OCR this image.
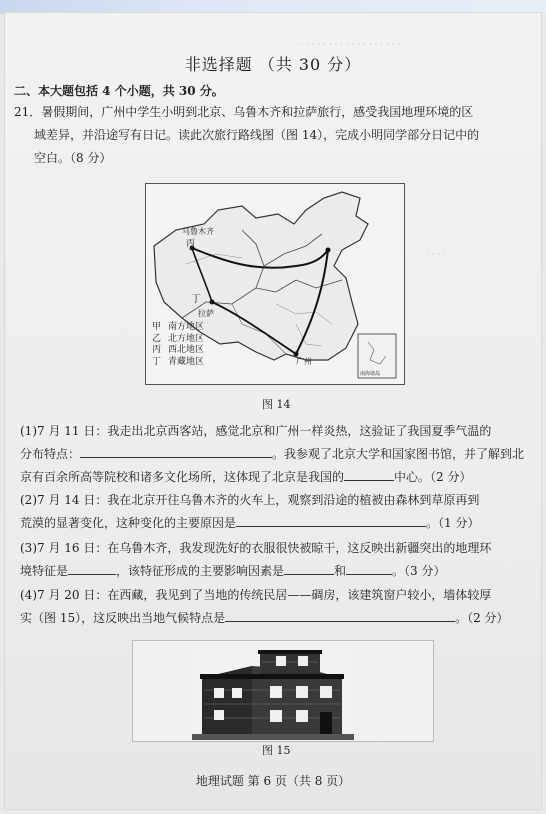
· · · · · · · · · · · · · · · · · ·
· · · · ·
非选择题 （共 30 分）
二、本大题包括 4 个小题，共 30 分。
21．暑假期间，广州中学生小明到北京、乌鲁木齐和拉萨旅行，感受我国地理环境的区
域差异，并沿途写有日记。读此次旅行路线图（图 14），完成小明同学部分日记中的
空白。（8 分）
乌鲁木齐
丙
丁
拉萨
广州
南海诸岛
甲 南方地区
乙 北方地区
丙 西北地区
丁 青藏地区
图 14
(1)7 月 11 日：我走出北京西客站，感觉北京和广州一样炎热，这验证了我国夏季气温的
分布特点：	。我参观了北京大学和国家图书馆，并了解到北
京有百余所高等院校和诸多文化场所，这体现了北京是我国的	中心。（2 分）
(2)7 月 14 日：我在北京开往乌鲁木齐的火车上，观察到沿途的植被由森林到草原再到
荒漠的显著变化，这种变化的主要原因是	。（1 分）
(3)7 月 16 日：在乌鲁木齐，我发现洗好的衣服很快被晾干，这反映出新疆突出的地理环
境特征是	，该特征形成的主要影响因素是	和	。（3 分）
(4)7 月 20 日：在西藏，我见到了当地的传统民居——碉房，该建筑窗户较小，墙体较厚
实（图 15），这反映出当地气候特点是	。（2 分）
图 15
地理试题 第 6 页（共 8 页）
